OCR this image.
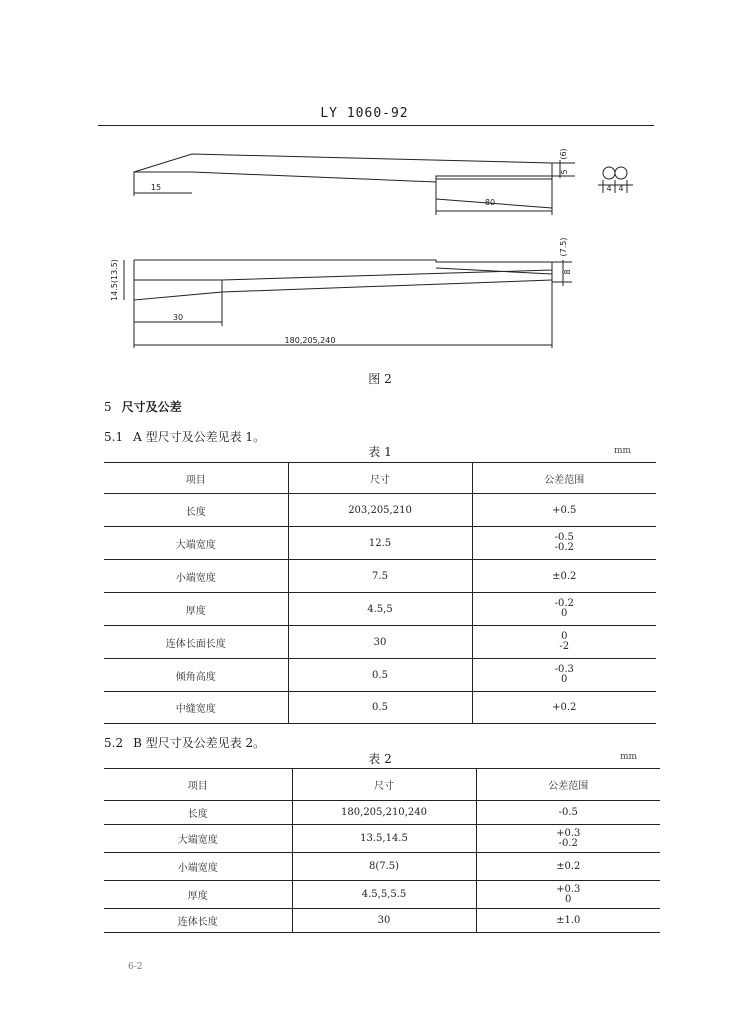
LY 1060-92
15
80
5
(6)
4 4
14.5(13.5)	8
(7.5)
30
180,205,240
图 2
5 尺寸及公差
5.1 A 型尺寸及公差见表 1。
表 1	mm
项目	尺寸	公差范围
长度	203,205,210	+0.5

大端宽度	12.5	-0.5
-0.2
小端宽度	7.5	±0.2

厚度	4.5,5	-0.2
0
连体长面长度	30	0
-2
倾角高度	0.5	-0.3
0
中缝宽度	0.5	+0.2

5.2 B 型尺寸及公差见表 2。
表 2	mm
项目	尺寸	公差范围
长度	180,205,210,240	-0.5

大端宽度	13.5,14.5	+0.3
-0.2
小端宽度	8(7.5)	±0.2

厚度	4.5,5,5.5	+0.3
0
连体长度	30	±1.0

6-2
